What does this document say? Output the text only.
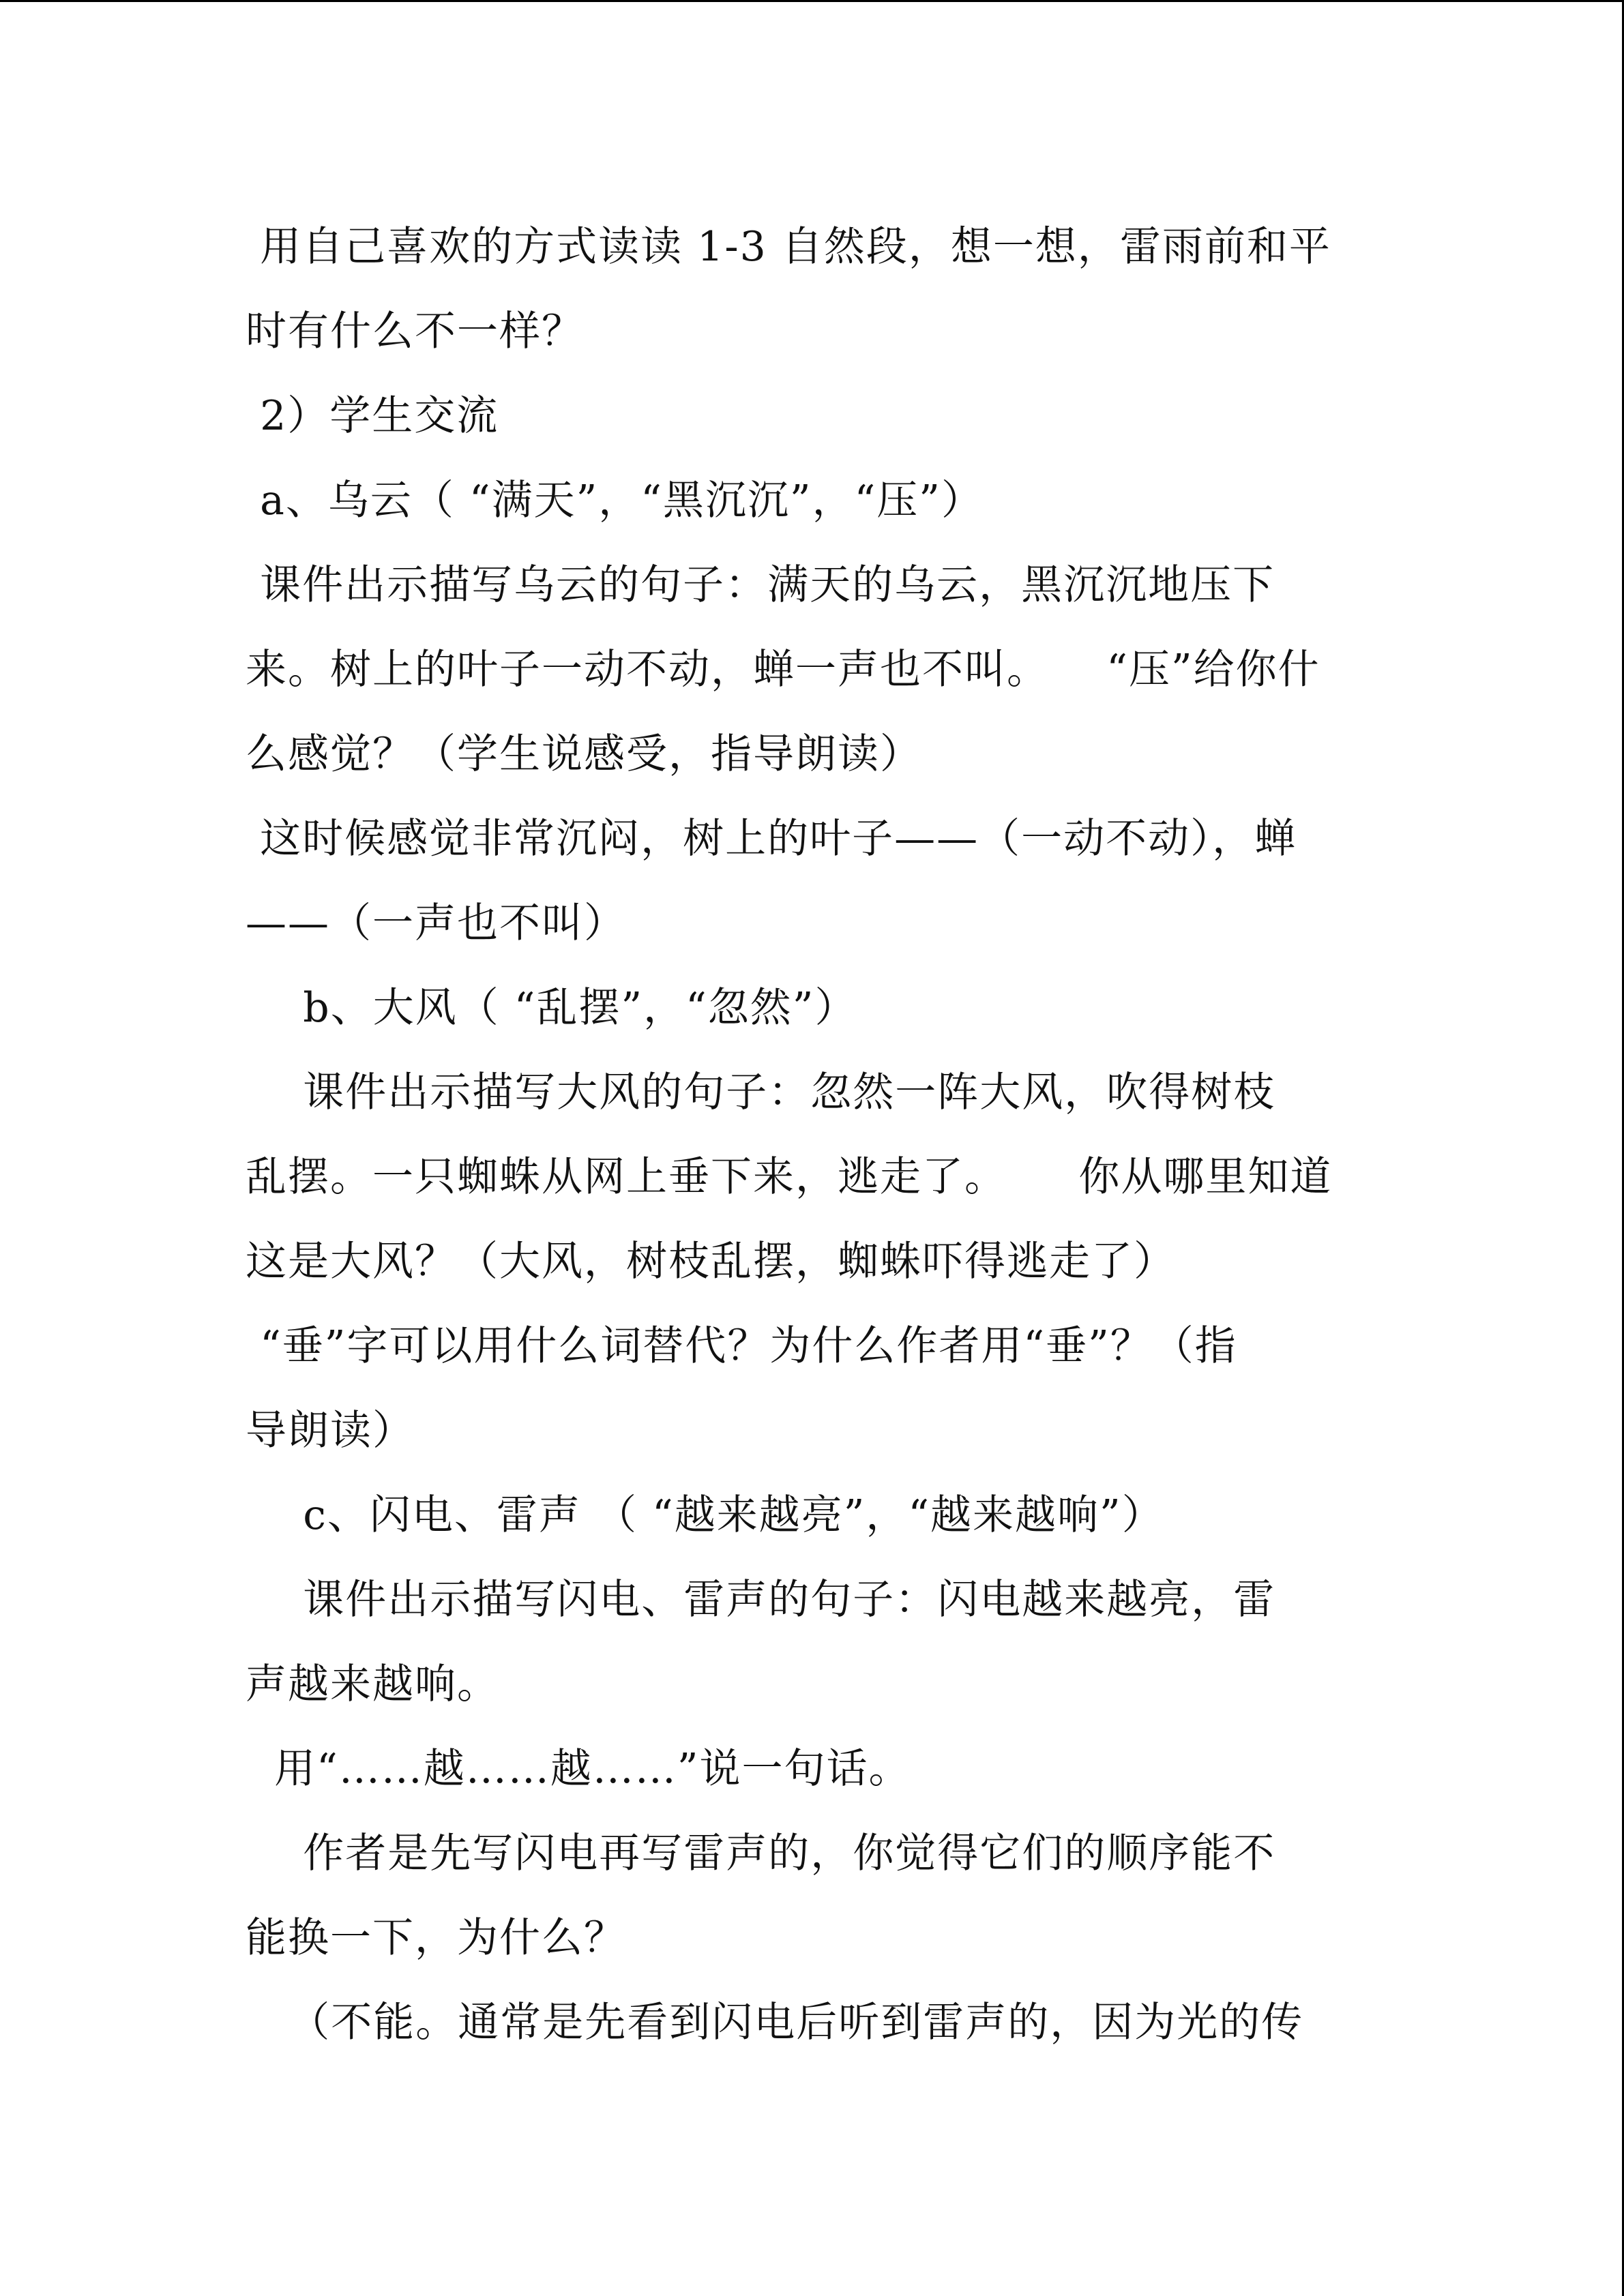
用自己喜欢的方式读读 1-3 自然段，想一想，雷雨前和平
时有什么不一样？
2）学生交流
a、乌云（ “满天”，“黑沉沉”，“压”）
课件出示描写乌云的句子：满天的乌云，黑沉沉地压下
来。树上的叶子一动不动，蝉一声也不叫。    “压”给你什
么感觉？（学生说感受，指导朗读）
这时候感觉非常沉闷，树上的叶子——（一动不动），蝉
——（一声也不叫）
b、大风（ “乱摆”，“忽然”）
课件出示描写大风的句子：忽然一阵大风，吹得树枝
乱摆。一只蜘蛛从网上垂下来，逃走了。     你从哪里知道
这是大风？（大风，树枝乱摆，蜘蛛吓得逃走了）
“垂”字可以用什么词替代？为什么作者用“垂”？（指
导朗读）
c、闪电、雷声 （ “越来越亮”，“越来越响”）
课件出示描写闪电、雷声的句子：闪电越来越亮，雷
声越来越响。
用“……越……越……”说一句话。
作者是先写闪电再写雷声的，你觉得它们的顺序能不
能换一下，为什么？
（不能。通常是先看到闪电后听到雷声的，因为光的传
